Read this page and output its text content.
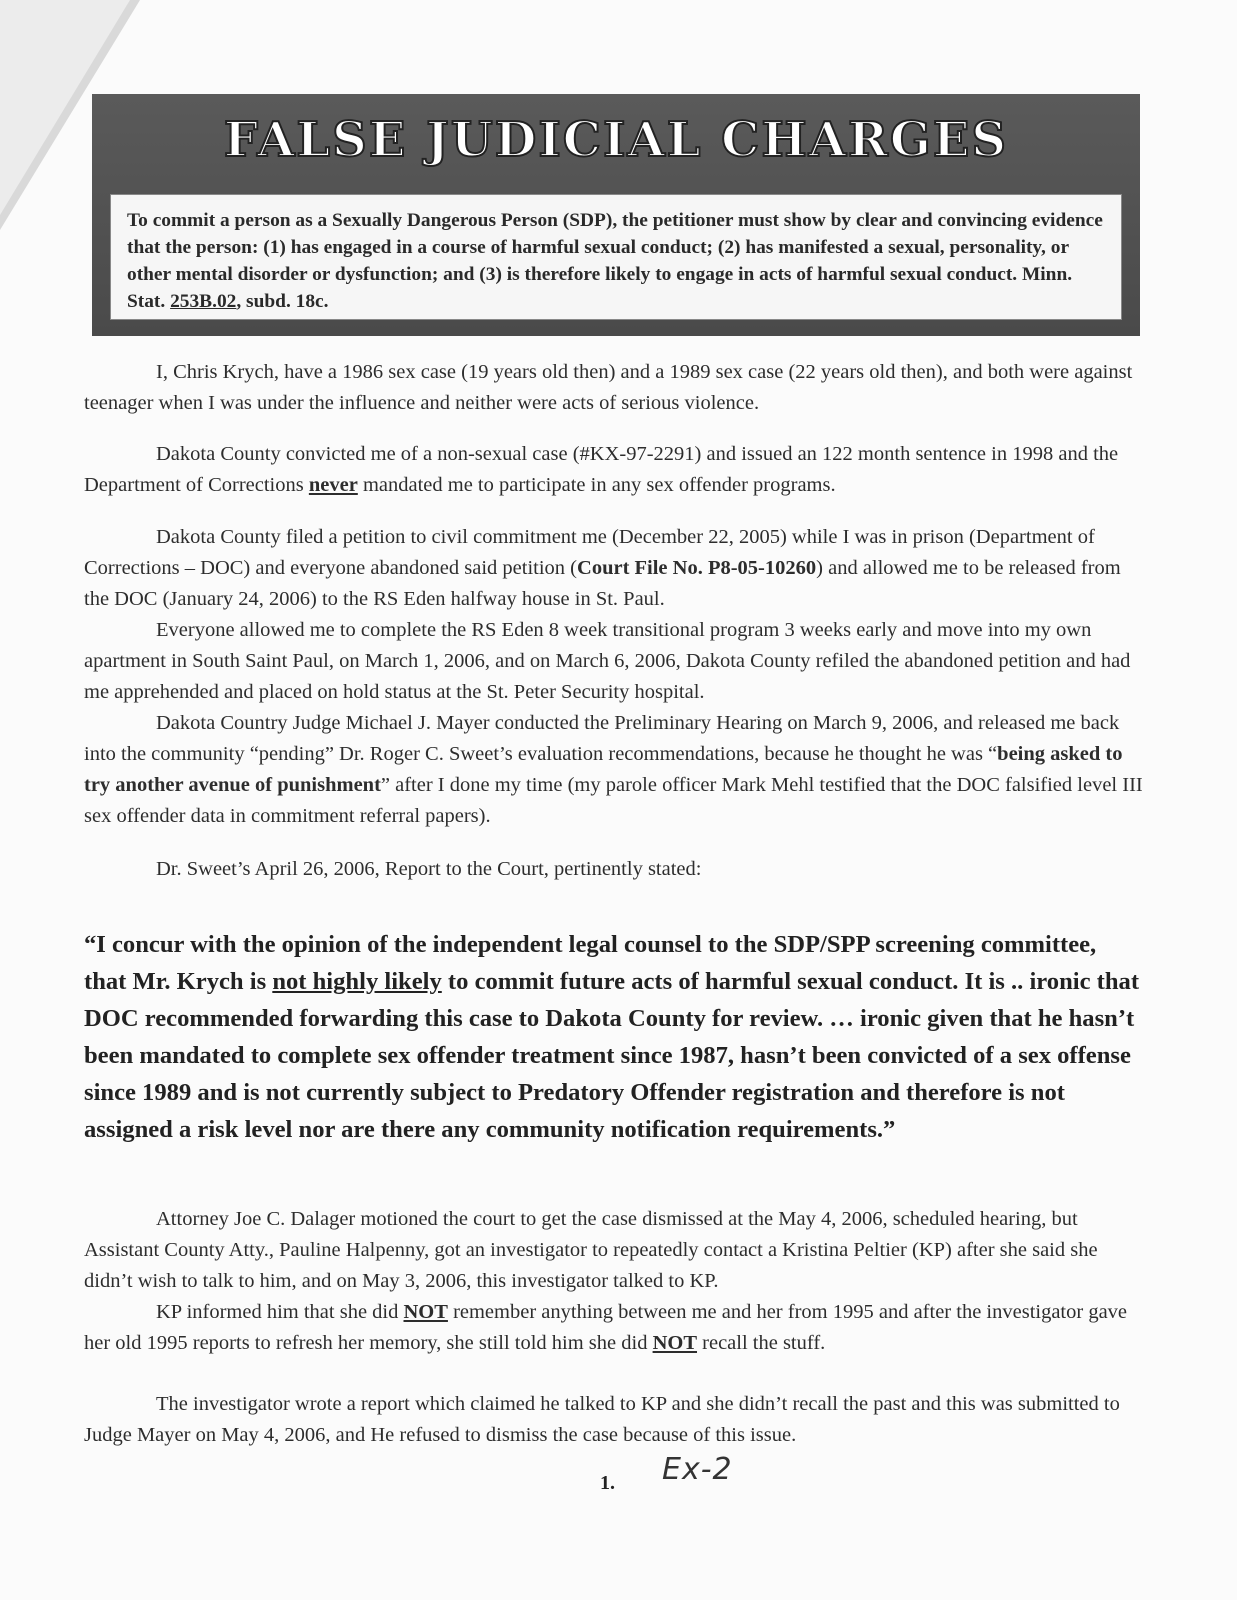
FALSE JUDICIAL CHARGES
To commit a person as a Sexually Dangerous Person (SDP), the petitioner must show by clear and convincing evidence that the person: (1) has engaged in a course of harmful sexual conduct; (2) has manifested a sexual, personality, or other mental disorder or dysfunction; and (3) is therefore likely to engage in acts of harmful sexual conduct. Minn. Stat. 253B.02, subd. 18c.

I, Chris Krych, have a 1986 sex case (19 years old then) and a 1989 sex case (22 years old then), and both were against teenager when I was under the influence and neither were acts of serious violence.

Dakota County convicted me of a non-sexual case (#KX-97-2291) and issued an 122 month sentence in 1998 and the Department of Corrections never mandated me to participate in any sex offender programs.

Dakota County filed a petition to civil commitment me (December 22, 2005) while I was in prison (Department of Corrections – DOC) and everyone abandoned said petition (Court File No. P8-05-10260) and allowed me to be released from the DOC (January 24, 2006) to the RS Eden halfway house in St. Paul.

Everyone allowed me to complete the RS Eden 8 week transitional program 3 weeks early and move into my own apartment in South Saint Paul, on March 1, 2006, and on March 6, 2006, Dakota County refiled the abandoned petition and had me apprehended and placed on hold status at the St. Peter Security hospital.

Dakota Country Judge Michael J. Mayer conducted the Preliminary Hearing on March 9, 2006, and released me back into the community “pending” Dr. Roger C. Sweet’s evaluation recommendations, because he thought he was “being asked to try another avenue of punishment” after I done my time (my parole officer Mark Mehl testified that the DOC falsified level III sex offender data in commitment referral papers).

Dr. Sweet’s April 26, 2006, Report to the Court, pertinently stated:

“I concur with the opinion of the independent legal counsel to the SDP/SPP screening committee, that Mr. Krych is not highly likely to commit future acts of harmful sexual conduct. It is .. ironic that DOC recommended forwarding this case to Dakota County for review. … ironic given that he hasn’t been mandated to complete sex offender treatment since 1987, hasn’t been convicted of a sex offense since 1989 and is not currently subject to Predatory Offender registration and therefore is not assigned a risk level nor are there any community notification requirements.”

Attorney Joe C. Dalager motioned the court to get the case dismissed at the May 4, 2006, scheduled hearing, but Assistant County Atty., Pauline Halpenny, got an investigator to repeatedly contact a Kristina Peltier (KP) after she said she didn’t wish to talk to him, and on May 3, 2006, this investigator talked to KP.

KP informed him that she did NOT remember anything between me and her from 1995 and after the investigator gave her old 1995 reports to refresh her memory, she still told him she did NOT recall the stuff.

The investigator wrote a report which claimed he talked to KP and she didn’t recall the past and this was submitted to Judge Mayer on May 4, 2006, and He refused to dismiss the case because of this issue.

1. Ex-2
